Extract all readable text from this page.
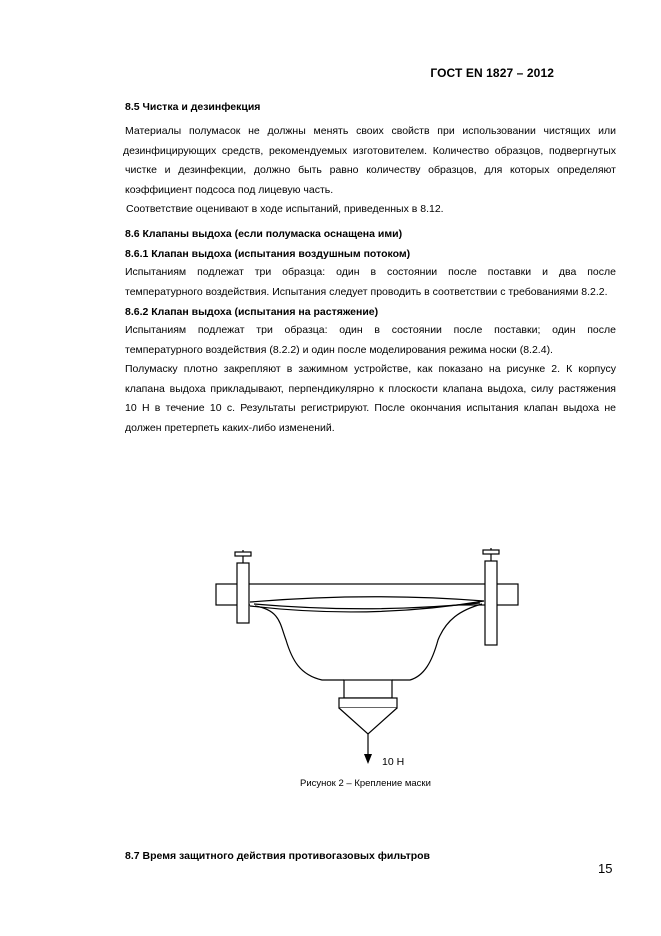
ГОСТ EN 1827 – 2012
8.5 Чистка и дезинфекция
Материалы полумасок не должны менять своих свойств при использовании чистящих или
дезинфицирующих средств, рекомендуемых изготовителем. Количество образцов, подвергнутых
чистке и дезинфекции, должно быть равно количеству образцов, для которых определяют
коэффициент подсоса под лицевую часть.
Соответствие оценивают в ходе испытаний, приведенных в 8.12.
8.6 Клапаны выдоха (если полумаска оснащена ими)
8.6.1 Клапан выдоха (испытания воздушным потоком)
Испытаниям подлежат три образца: один в состоянии после поставки и два после
температурного воздействия. Испытания следует проводить в соответствии с требованиями 8.2.2.
8.6.2 Клапан выдоха (испытания на растяжение)
Испытаниям подлежат три образца: один в состоянии после поставки; один после
температурного воздействия (8.2.2) и один после моделирования режима носки (8.2.4).
Полумаску плотно закрепляют в зажимном устройстве, как показано на рисунке 2. К корпусу
клапана выдоха прикладывают, перпендикулярно к плоскости клапана выдоха, силу растяжения
10 Н в течение 10 с. Результаты регистрируют. После окончания испытания клапан выдоха не
должен претерпеть каких-либо изменений.
10 Н
Рисунок 2 – Крепление маски
8.7 Время защитного действия противогазовых фильтров
15
